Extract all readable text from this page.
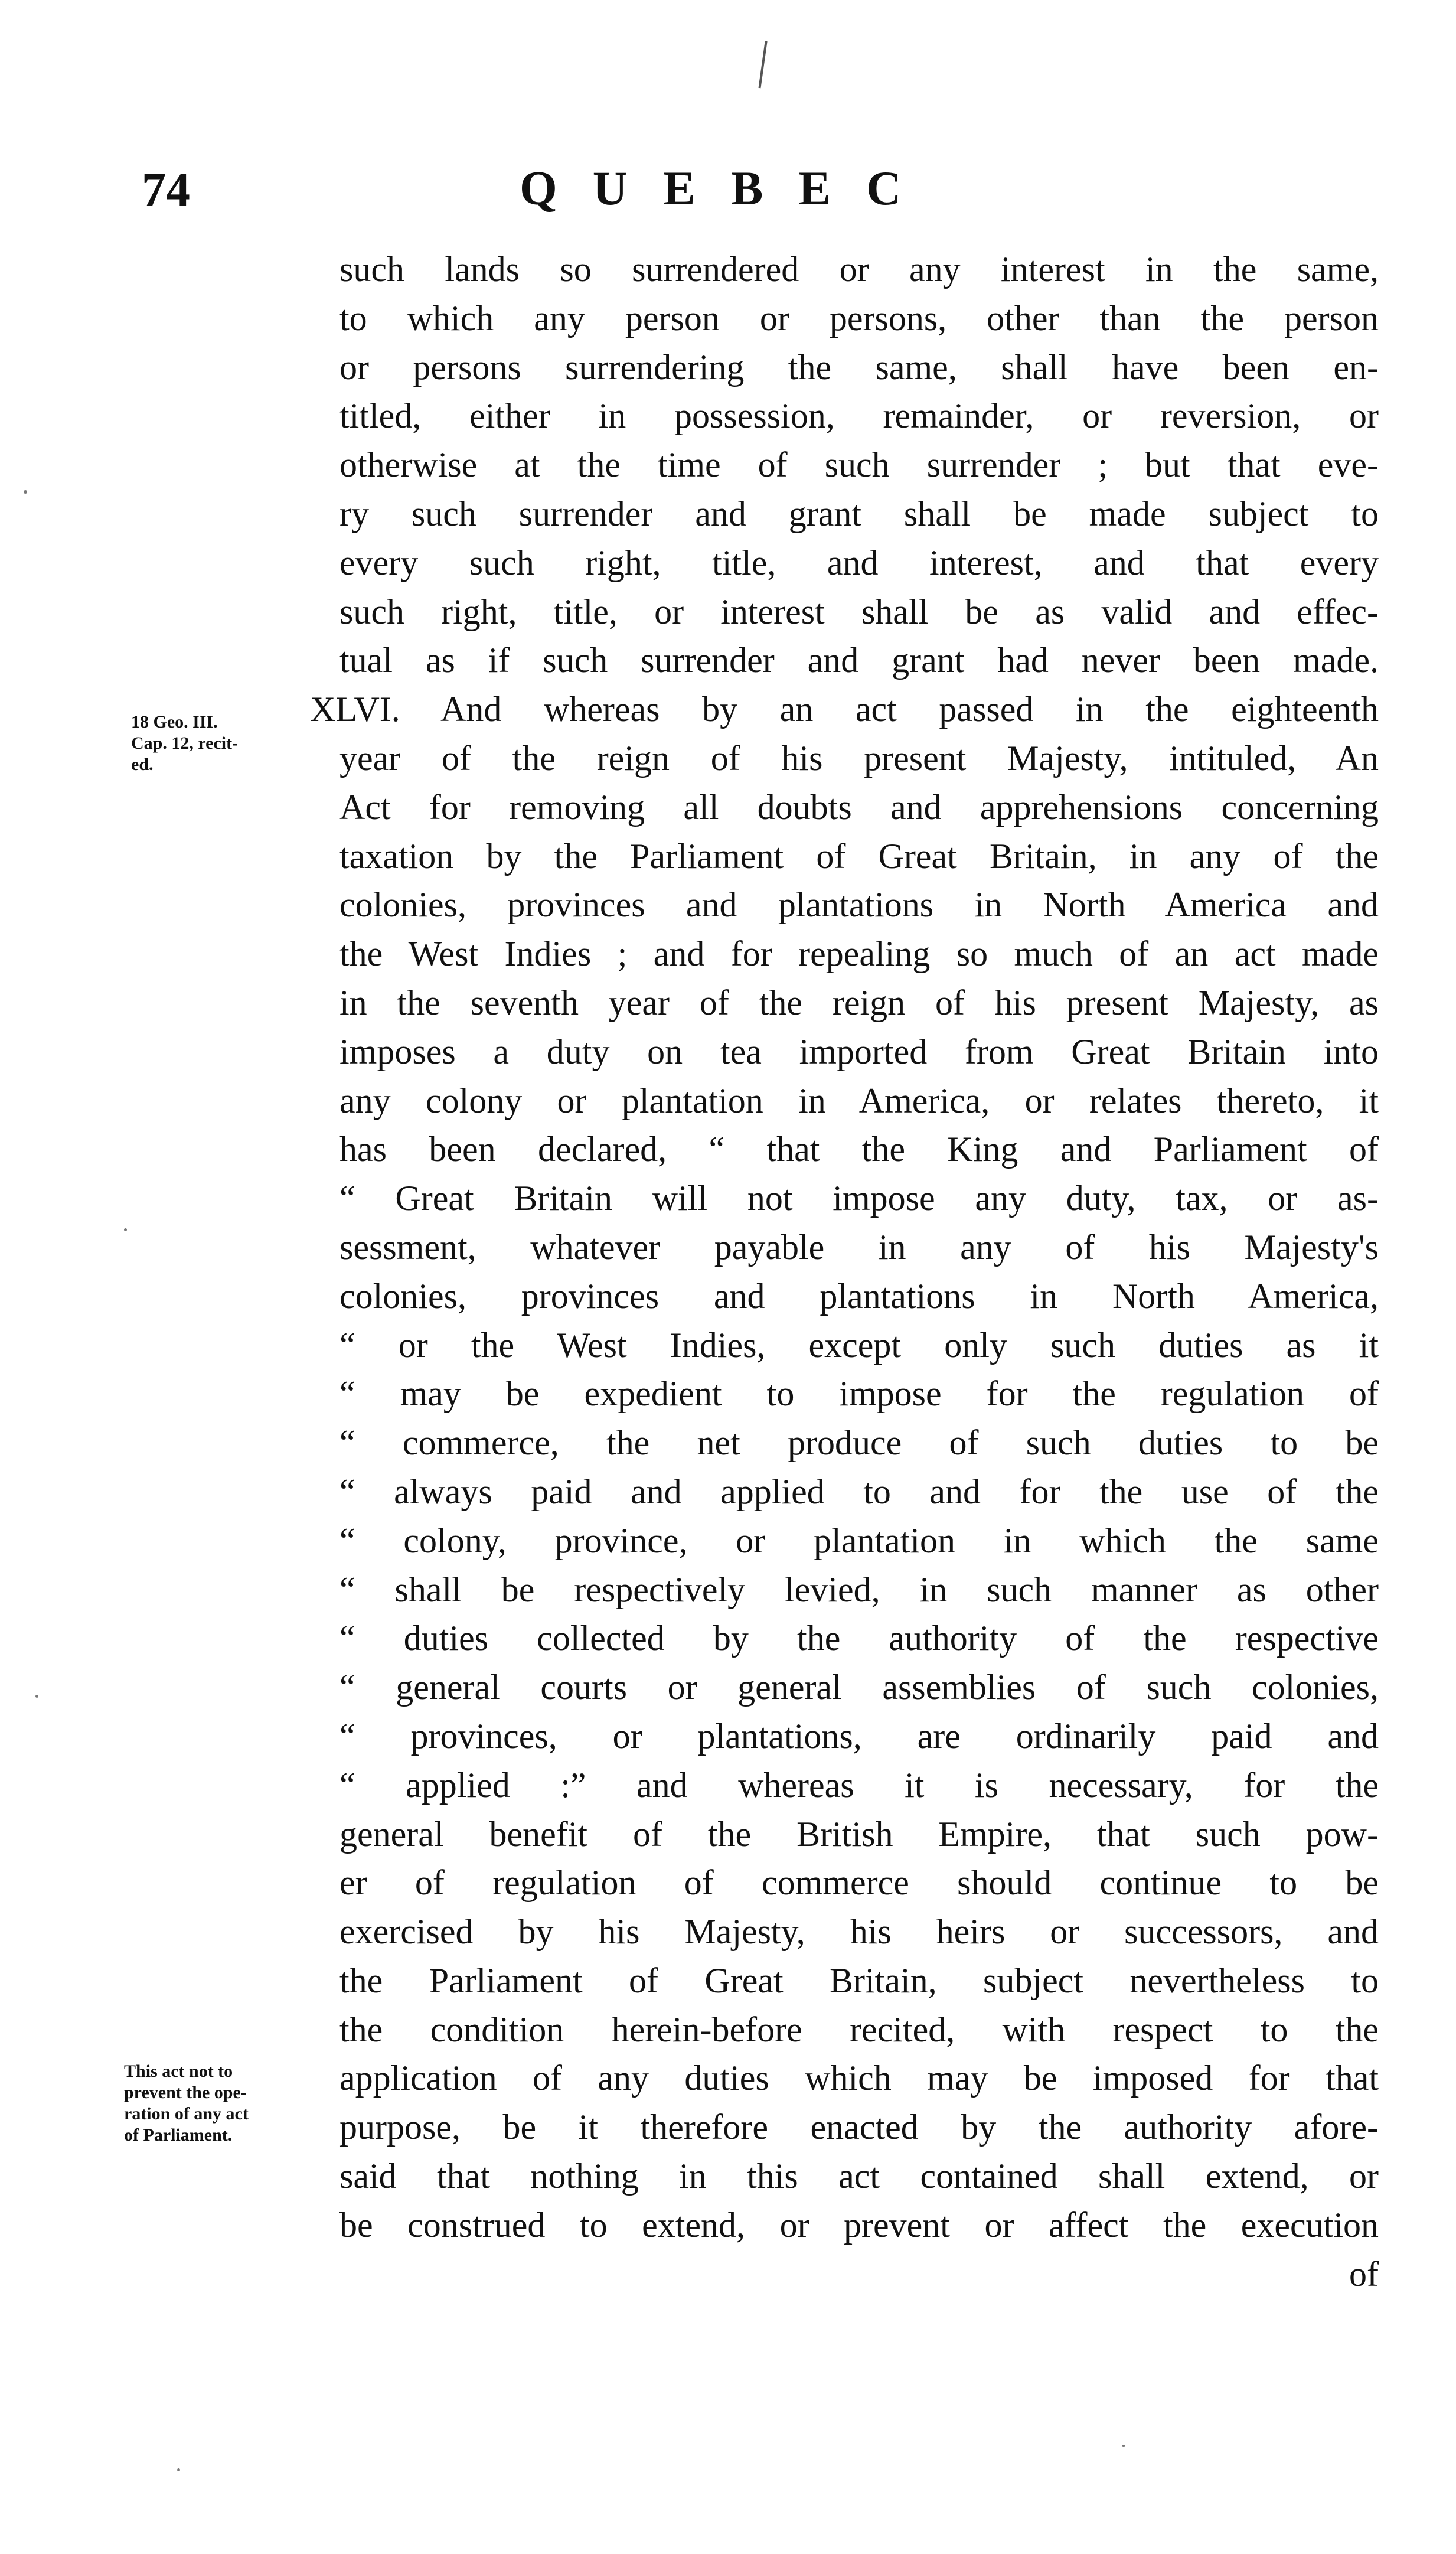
74	QUEBEC
18 Geo. III.
Cap. 12, recit-
ed.
This act not to
prevent the ope-
ration of any act
of Parliament.
such lands so surrendered or any interest in the same,
to which any person or persons, other than the person
or persons surrendering the same, shall have been en-
titled, either in possession, remainder, or reversion, or
otherwise at the time of such surrender ; but that eve-
ry such surrender and grant shall be made subject to
every such right, title, and interest, and that every
such right, title, or interest shall be as valid and effec-
tual as if such surrender and grant had never been made.
XLVI. And whereas by an act passed in the eighteenth
year of the reign of his present Majesty, intituled, An
Act for removing all doubts and apprehensions concerning
taxation by the Parliament of Great Britain, in any of the
colonies, provinces and plantations in North America and
the West Indies ; and for repealing so much of an act made
in the seventh year of the reign of his present Majesty, as
imposes a duty on tea imported from Great Britain into
any colony or plantation in America, or relates thereto, it
has been declared, “ that the King and Parliament of
“ Great Britain will not impose any duty, tax, or as-
sessment, whatever payable in any of his Majesty's
colonies, provinces and plantations in North America,
“ or the West Indies, except only such duties as it
“ may be expedient to impose for the regulation of
“ commerce, the net produce of such duties to be
“ always paid and applied to and for the use of the
“ colony, province, or plantation in which the same
“ shall be respectively levied, in such manner as other
“ duties collected by the authority of the respective
“ general courts or general assemblies of such colonies,
“ provinces, or plantations, are ordinarily paid and
“ applied :” and whereas it is necessary, for the
general benefit of the British Empire, that such pow-
er of regulation of commerce should continue to be
exercised by his Majesty, his heirs or successors, and
the Parliament of Great Britain, subject nevertheless to
the condition herein-before recited, with respect to the
application of any duties which may be imposed for that
purpose, be it therefore enacted by the authority afore-
said that nothing in this act contained shall extend, or
be construed to extend, or prevent or affect the execution
of
